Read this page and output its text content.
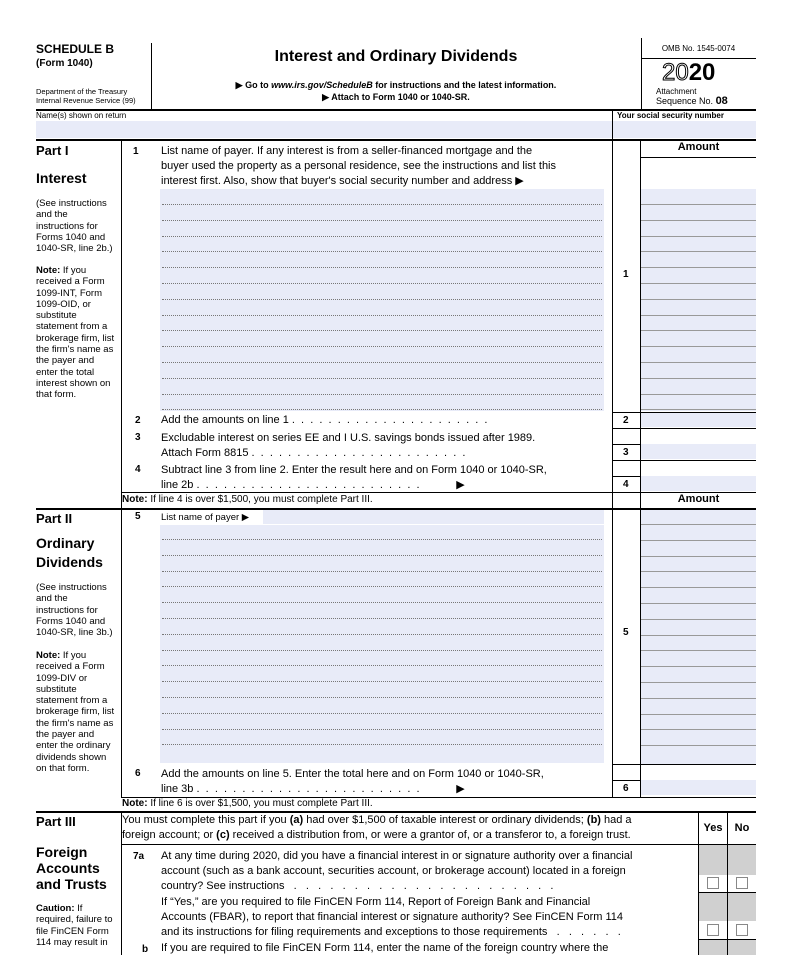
SCHEDULE B
(Form 1040)
Department of the Treasury
Internal Revenue Service (99)
Interest and Ordinary Dividends
▶ Go to www.irs.gov/ScheduleB for instructions and the latest information.
▶ Attach to Form 1040 or 1040-SR.
OMB No. 1545-0074
2020
Attachment
Sequence No. 08
Name(s) shown on return	Your social security number
Part I
Interest
(See instructions and the instructions for Forms 1040 and 1040-SR, line 2b.)
Note: If you received a Form 1099-INT, Form 1099-OID, or substitute statement from a brokerage firm, list the firm's name as the payer and enter the total interest shown on that form.
1 List name of payer. If any interest is from a seller-financed mortgage and the
buyer used the property as a personal residence, see the instructions and list this
interest first. Also, show that buyer's social security number and address ▶
Amount
1
2 Add the amounts on line 1 .  .  .  .  .  .  .  .  .  .  .  .  .  .  .  .  .  .  .  .  .  .	2
3 Excludable interest on series EE and I U.S. savings bonds issued after 1989.
Attach Form 8815 .  .  .  .  .  .  .  .  .  .  .  .  .  .  .  .  .  .  .  .  .  .  .  .	3
4 Subtract line 3 from line 2. Enter the result here and on Form 1040 or 1040-SR,
line 2b .  .  .  .  .  .  .  .  .  .  .  .  .  .  .  .  .  .  .  .  .  .  .  .  .            ▶	4
Note: If line 4 is over $1,500, you must complete Part III.	Amount
Part II
Ordinary
Dividends
(See instructions and the instructions for Forms 1040 and 1040-SR, line 3b.)
Note: If you received a Form 1099-DIV or substitute statement from a brokerage firm, list the firm's name as the payer and enter the ordinary dividends shown on that form.
5 List name of payer ▶
5
6 Add the amounts on line 5. Enter the total here and on Form 1040 or 1040-SR,
line 3b .  .  .  .  .  .  .  .  .  .  .  .  .  .  .  .  .  .  .  .  .  .  .  .  .            ▶	6
Note: If line 6 is over $1,500, you must complete Part III.
Part III
Foreign
Accounts
and Trusts
Caution: If required, failure to file FinCEN Form 114 may result in
You must complete this part if you (a) had over $1,500 of taxable interest or ordinary dividends; (b) had a
foreign account; or (c) received a distribution from, or were a grantor of, or a transferor to, a foreign trust.
Yes	No
7a At any time during 2020, did you have a financial interest in or signature authority over a financial
account (such as a bank account, securities account, or brokerage account) located in a foreign
country? See instructions   .   .   .   .   .   .   .   .   .   .   .   .   .   .   .   .   .   .   .   .   .   .
If “Yes,” are you required to file FinCEN Form 114, Report of Foreign Bank and Financial
Accounts (FBAR), to report that financial interest or signature authority? See FinCEN Form 114
and its instructions for filing requirements and exceptions to those requirements   .   .   .   .   .   .
b If you are required to file FinCEN Form 114, enter the name of the foreign country where the
